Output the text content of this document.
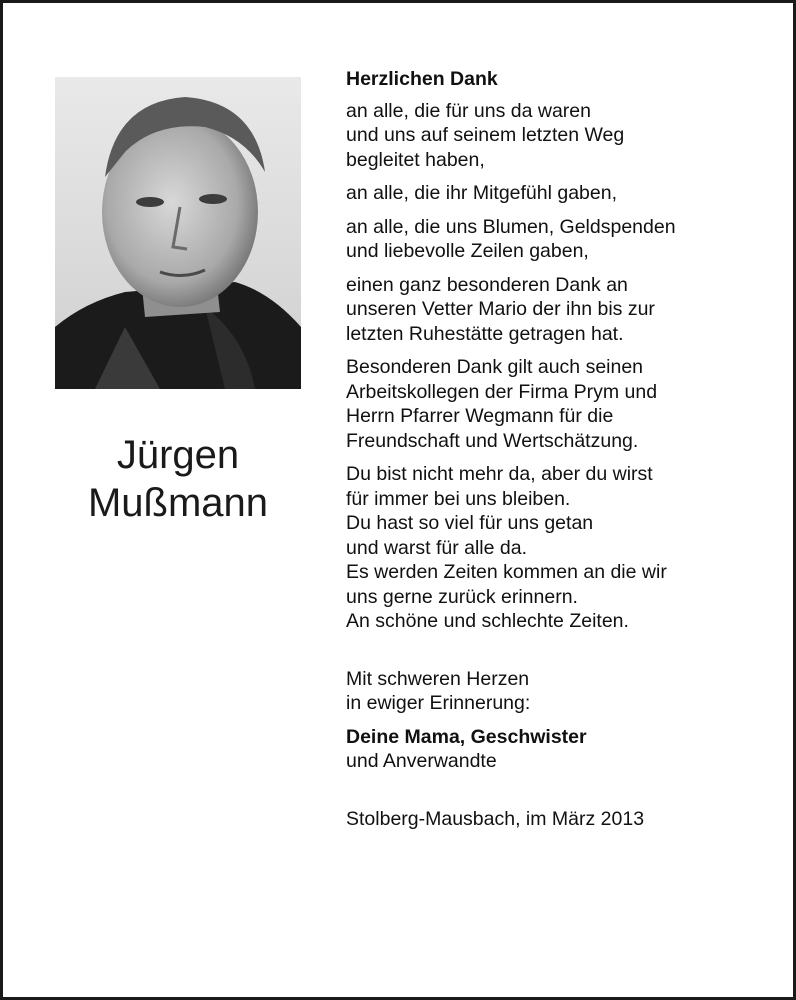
Jürgen
Mußmann

Herzlichen Dank

an alle, die für uns da waren

und uns auf seinem letzten Weg

begleitet haben,

an alle, die ihr Mitgefühl gaben,

an alle, die uns Blumen, Geldspenden

und liebevolle Zeilen gaben,

einen ganz besonderen Dank an

unseren Vetter Mario der ihn bis zur

letzten Ruhestätte getragen hat.

Besonderen Dank gilt auch seinen

Arbeitskollegen der Firma Prym und

Herrn Pfarrer Wegmann für die

Freundschaft und Wertschätzung.

Du bist nicht mehr da, aber du wirst

für immer bei uns bleiben.

Du hast so viel für uns getan

und warst für alle da.

Es werden Zeiten kommen an die wir

uns gerne zurück erinnern.

An schöne und schlechte Zeiten.

Mit schweren Herzen

in ewiger Erinnerung:

Deine Mama, Geschwister

und Anverwandte

Stolberg-Mausbach, im März 2013
